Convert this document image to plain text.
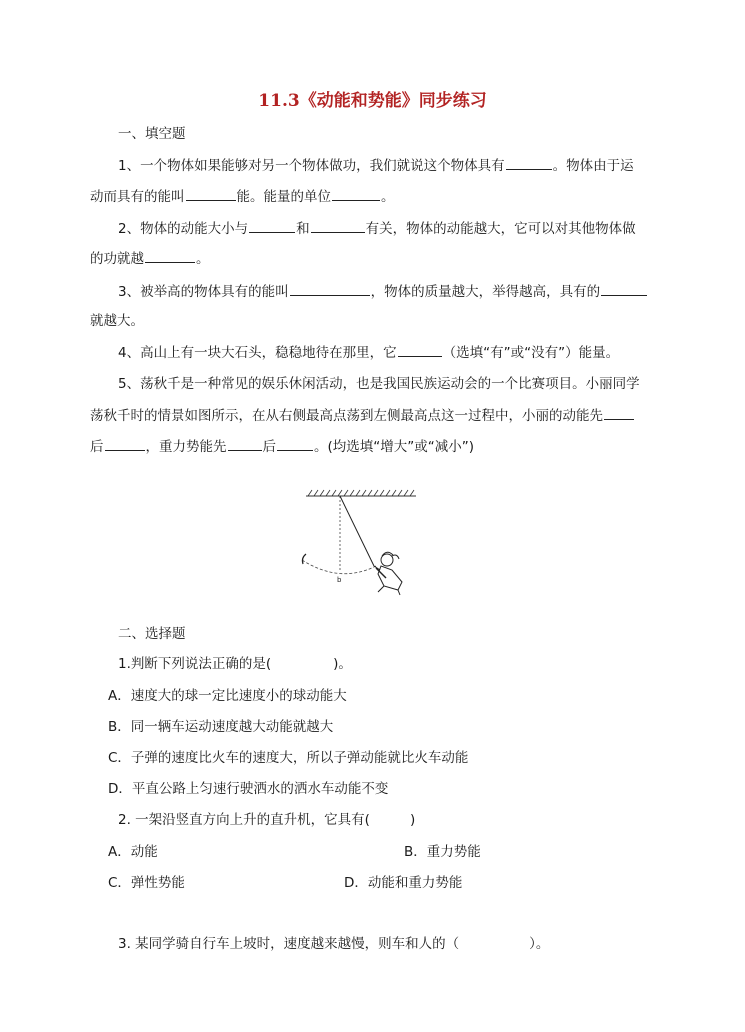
11.3《动能和势能》同步练习
一、填空题
1、一个物体如果能够对另一个物体做功，我们就说这个物体具有	。物体由于运
动而具有的能叫	能。能量的单位	。
2、物体的动能大小与	和	有关，物体的动能越大，它可以对其他物体做
的功就越	。
3、被举高的物体具有的能叫	，物体的质量越大，举得越高，具有的
就越大。
4、高山上有一块大石头，稳稳地待在那里，它	（选填“有”或“没有”）能量。
5、荡秋千是一种常见的娱乐休闲活动，也是我国民族运动会的一个比赛项目。小丽同学
荡秋千时的情景如图所示，在从右侧最高点荡到左侧最高点这一过程中，小丽的动能先
后	，重力势能先	后	。(均选填“增大”或“减小”)
b
二、选择题
1.判断下列说法正确的是(	)。
A．速度大的球一定比速度小的球动能大
B．同一辆车运动速度越大动能就越大
C．子弹的速度比火车的速度大，所以子弹动能就比火车动能
D．平直公路上匀速行驶洒水的洒水车动能不变
2. 一架沿竖直方向上升的直升机，它具有(	)
A．动能	B．重力势能
C．弹性势能	D．动能和重力势能
3. 某同学骑自行车上坡时，速度越来越慢，则车和人的（	）。
